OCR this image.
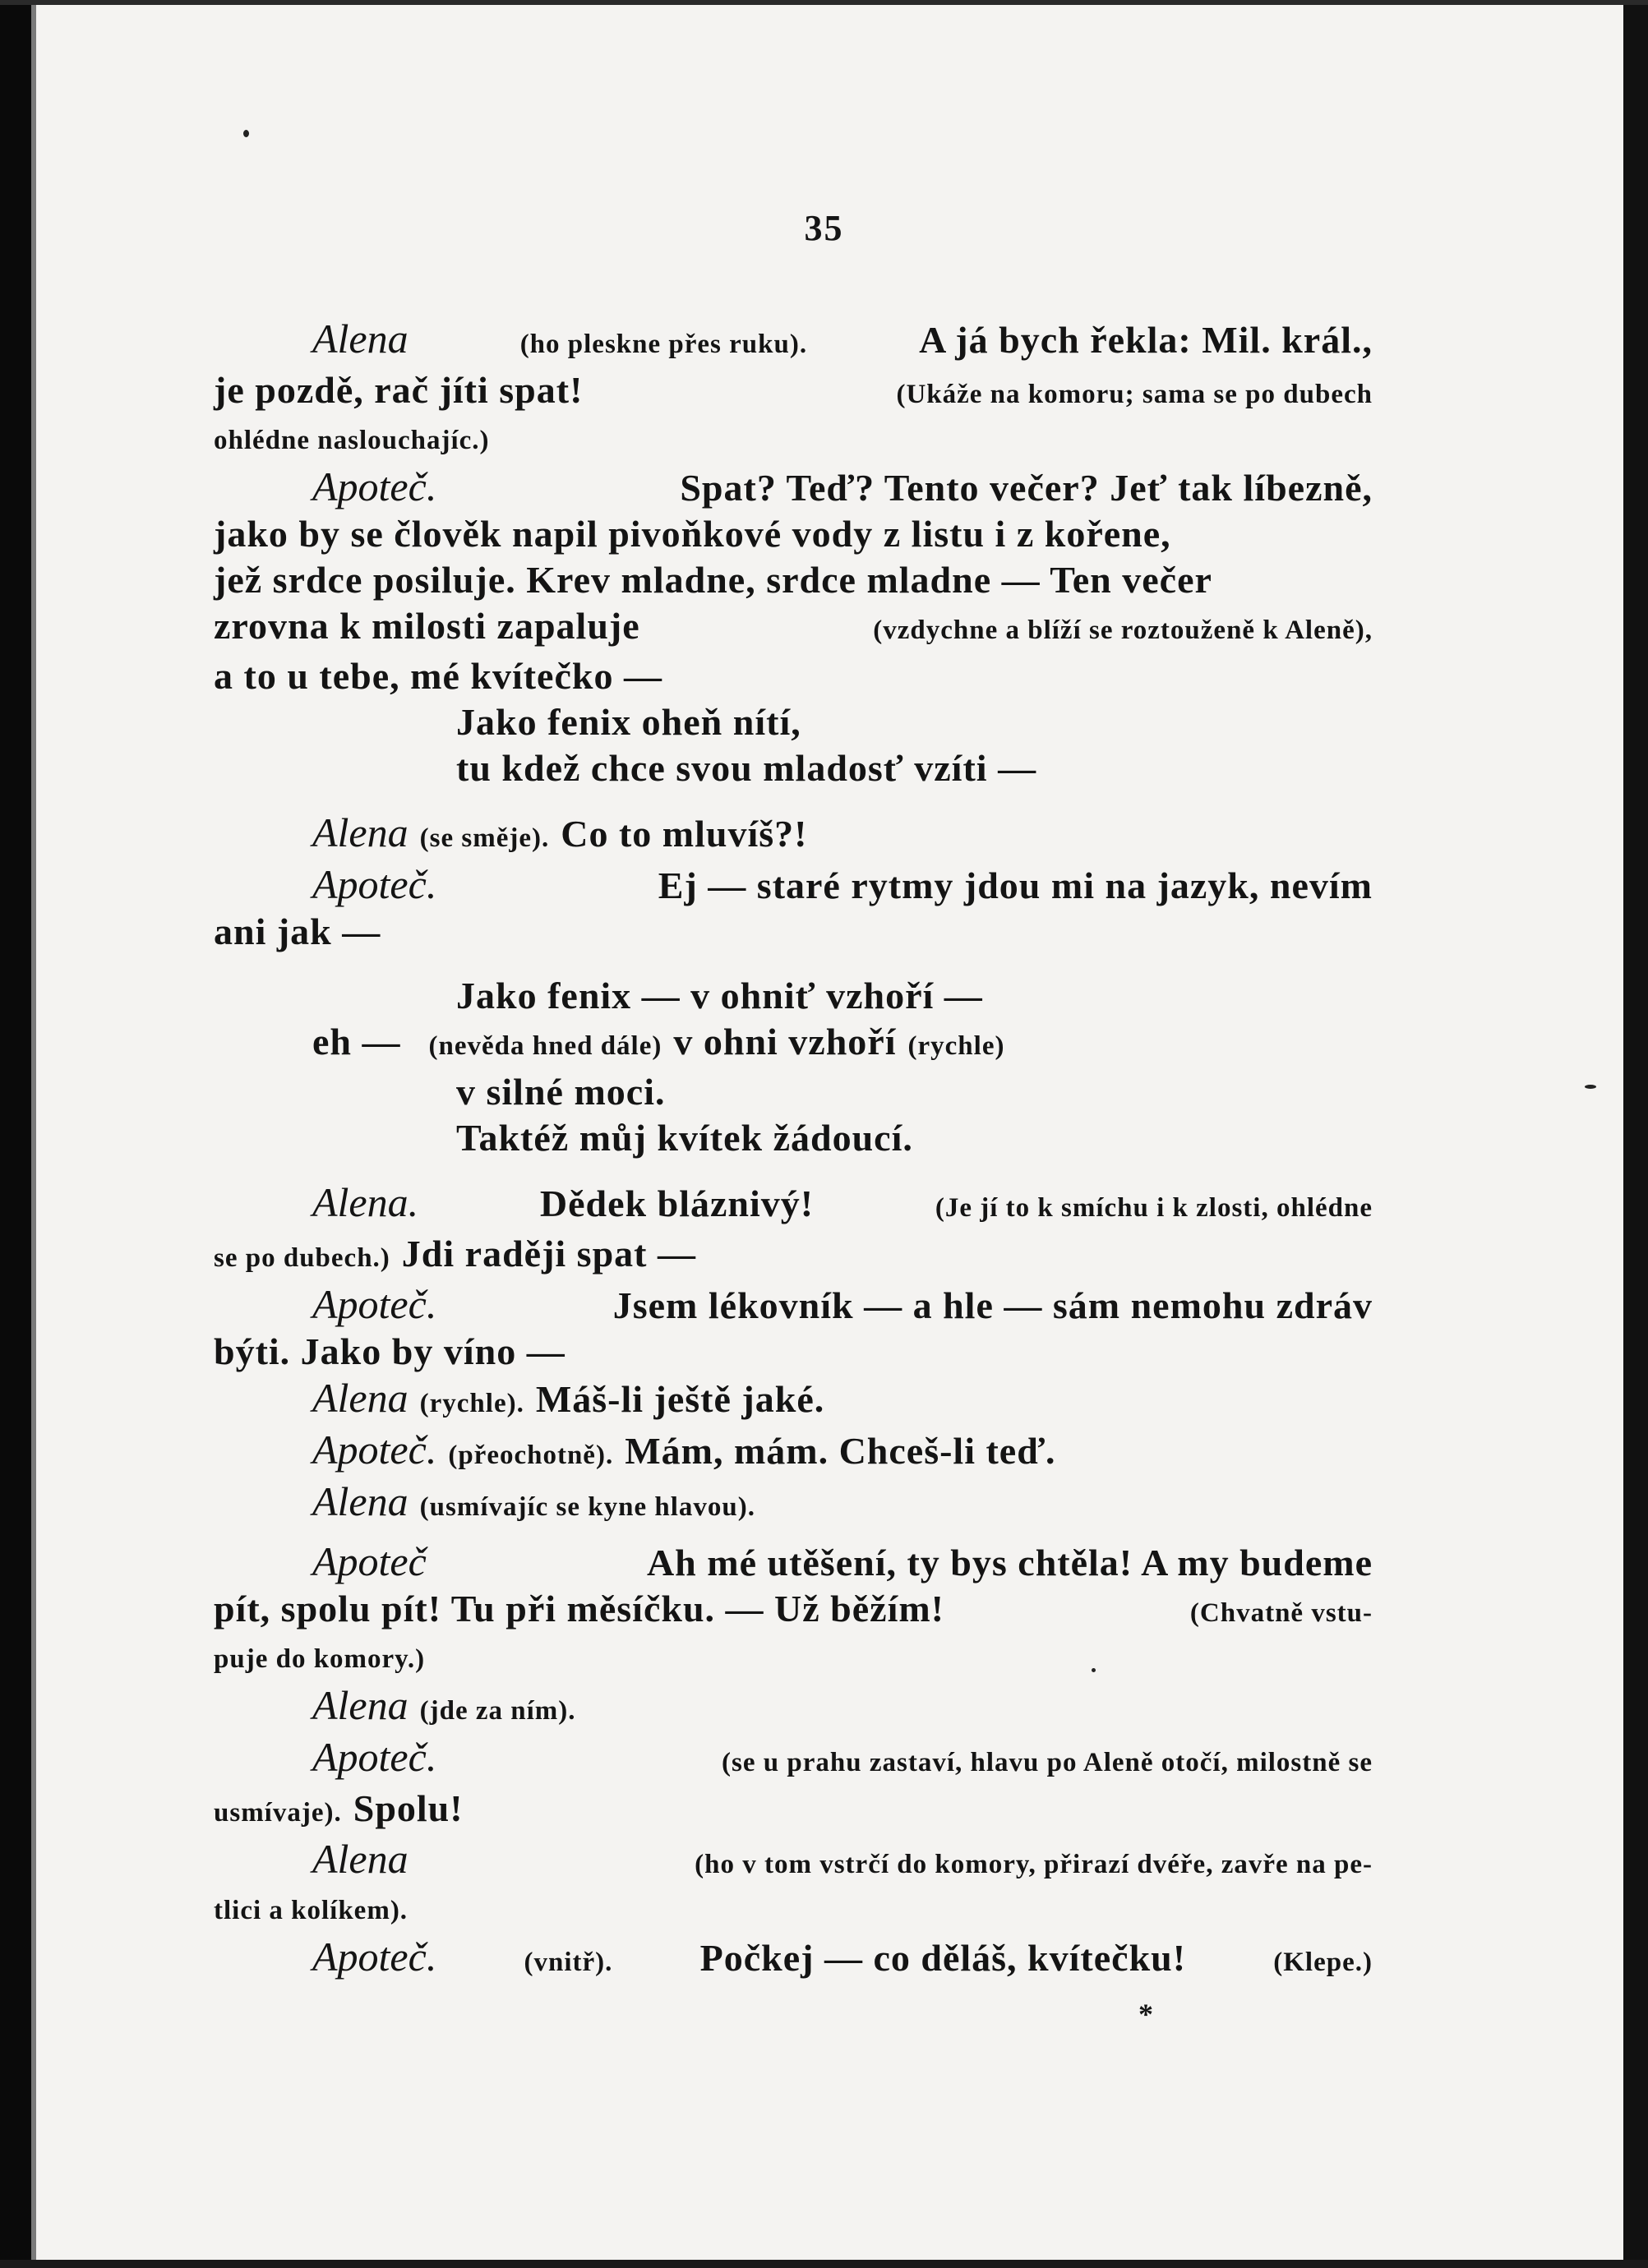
35
Alena	(ho pleskne přes ruku).	A já bych řekla: Mil. král.,
je pozdě, rač jíti spat!	(Ukáže na komoru; sama se po dubech
ohlédne naslouchajíc.)
Apoteč.	Spat? Teď? Tento večer? Jeť tak líbezně,
jako by se člověk napil pivoňkové vody z listu i z kořene,
jež srdce posiluje. Krev mladne, srdce mladne — Ten večer
zrovna k milosti zapaluje	(vzdychne a blíží se roztouženě k Aleně),
a to u tebe, mé kvítečko —
Jako fenix oheň nítí,
tu kdež chce svou mladosť vzíti —
Alena (se směje). Co to mluvíš?!
Apoteč.	Ej — staré rytmy jdou mi na jazyk, nevím
ani jak —
Jako fenix — v ohniť vzhoří —
eh — (nevěda hned dále) v ohni vzhoří (rychle)
v silné moci.
Taktéž můj kvítek žádoucí.
Alena.	Dědek bláznivý!	(Je jí to k smíchu i k zlosti, ohlédne
se po dubech.) Jdi raději spat —
Apoteč.	Jsem lékovník — a hle — sám nemohu zdráv
býti. Jako by víno —
Alena (rychle). Máš-li ještě jaké.
Apoteč. (přeochotně). Mám, mám. Chceš-li teď.
Alena (usmívajíc se kyne hlavou).
Apoteč	Ah mé utěšení, ty bys chtěla! A my budeme
pít, spolu pít! Tu při měsíčku. — Už běžím!	(Chvatně vstu-
puje do komory.)
Alena (jde za ním).
Apoteč.	(se u prahu zastaví, hlavu po Aleně otočí, milostně se
usmívaje). Spolu!
Alena	(ho v tom vstrčí do komory, přirazí dvéře, zavře na pe-
tlici a kolíkem).
Apoteč.	(vnitř). Počkej — co děláš, kvítečku!	(Klepe.)
*
